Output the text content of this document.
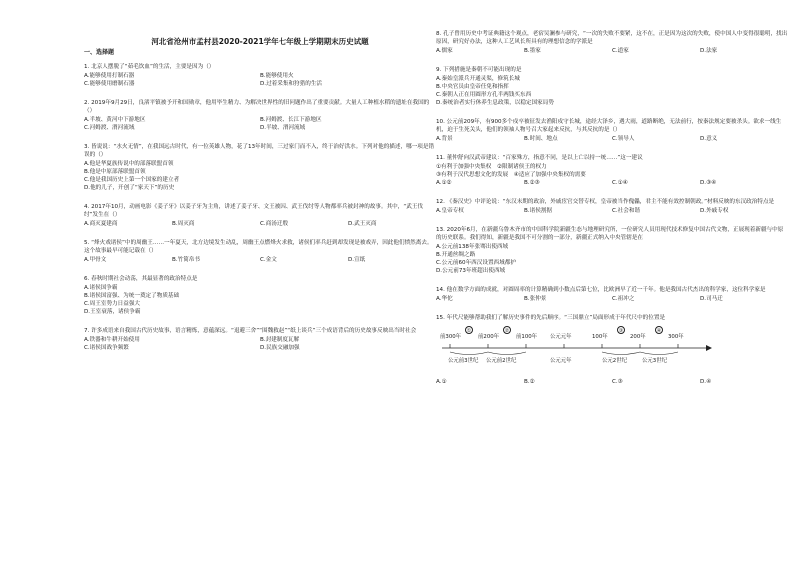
河北省沧州市孟村县2020-2021学年七年级上学期期末历史试题
一、选择题
1. 北京人摆脱了“茹毛饮血”的生活，主要是因为（）
A.能够使用打制石器	B.能够使用火
C.能够使用磨制石器	D.过着采集和狩猎的生活
2. 2019年9月29日，良渚平镇被予开和国勋章，他用毕生精力、为解决世界性的旧问题作出了重要贡献。大量人工种植水稻的遗址在我国的（）
A.半坡、黄河中下游地区	B.河姆渡、长江下游地区
C.河姆渡、渭河流域	D.半坡、渭河流域
3. 皆说说：“水火无情”，在我国远古时代，有一位英雄人物，花了13年时间，三过家门而不入，终于治好洪水。下列对他的描述，哪一项是错误的（）
A.他是华夏族传说中的部落联盟首领
B.他是中原部落联盟首领
C.他是我国历史上第一个国家的建立者
D.他的儿子，开创了“家天下”的历史
4. 2017年10月，动画电影《姜子牙》以姜子牙为主角，讲述了姜子牙、文王被囚、武王伐纣等人物都率兵被封神的故事。其中，“武王伐纣”发生在（）
A.商灭夏建商	B.周灭商	C.商汤迁殷	D.武王灭商
5. “烽火戏诸侯”中的周幽王……一年夏天，北方边境发生动乱，周幽王点燃烽火求救，诸侯们率兵赶到却发现是被戏弄，因此他们愤然离去。这个故事最早可能记载在（）
A.甲骨文	B.竹简帛书	C.金文	D.宣纸
6. 春秋时期社会动荡，其最显著的政治特点是
A.诸侯国争霸
B.诸侯国富强、为统一奠定了物质基础
C.周王室势力日益强大
D.王室衰落，诸侯争霸
7. 许多成语来自我国古代历史故事，语言精炼，意蕴深远。“退避三舍”“围魏救赵”“纸上谈兵”三个成语背后的历史故事反映出当时社会
A.铁器和牛耕开始使用	B.封建制度瓦解
C.诸侯国战争频繁	D.民族交融加强
8. 孔子曾用历史中考证典籍这个观点，老宿吴澜参与研究，“一次的失败不要紧，这不在，正是因为这次的失败，使中国人中变得很聪明，找出原因，研究好办法，这种人工艺风长所具有的理想信念的学派是
A.儒家	B.墨家	C.道家	D.法家
9. 下列措施是秦朝不可能出现的是
A.秦始皇派兵开通灵渠，修筑长城
B.中央官员由皇帝任免和指挥
C.秦朝人正在用圆形方孔半两钱买东西
D.秦统治者实行休养生息政策，以稳定国家局势
10. 公元前209年，有900多个戍卒被征发去渔阳戍守长城，途经大泽乡，遇大雨，道路断绝，无法前行，按秦法规定要被杀头。欲求一线生机，迫于生死关头，他们的领袖人物号召大家起来反抗，与其反抗的是（）
A.背景	B.时间、地点	C.领导人	D.意义
11. 董仲舒向汉武帝建议：“百家殊方，指意不同，是以上亡以持一统……”这一建议
①有利于加强中央集权　②限制诸侯王的权力
③有利于汉代思想文化的发展　④适应了加强中央集权的需要
A.①②	B.②③	C.①④	D.③④
12. 《秦汉史》中评论说：“东汉末期的政治，外戚宦官交替专权，皇帝被当作傀儡，君主不能有效控制朝政。”材料反映的东汉政治特点是
A.皇帝专权	B.诸侯割据	C.社会和谐	D.外戚专权
13. 2020年6月，在新疆乌鲁木齐市的中国科学院新疆生态与地理研究所，一位研究人员用现代技术修复中国古代文物，正展现着新疆与中原的历史联系。我们得知，新疆是我国不可分割的一部分，新疆正式纳入中央管辖是在
A.公元前138年张骞出使西域
B.开通丝绸之路
C.公元前60年西汉设置西域都护
D.公元前73年班超出使西域
14. 他在数学方面的成就，对圆周率的计算精确到小数点后第七位，比欧洲早了近一千年。他是我国古代杰出的科学家，这位科学家是
A.华佗	B.张仲景	C.祖冲之	D.司马迁
15. 年代尺能够帮助我们了解历史事件的先后顺序。“三国鼎立”局面形成于年代尺中的位置是
前300年	前200年	前100年 公元元年	100年	200年	300年
公元前3世纪 公元前2世纪	公元元年	公元2世纪	公元3世纪
①	②	③	④
A.①	B.②	C.③	D.④
